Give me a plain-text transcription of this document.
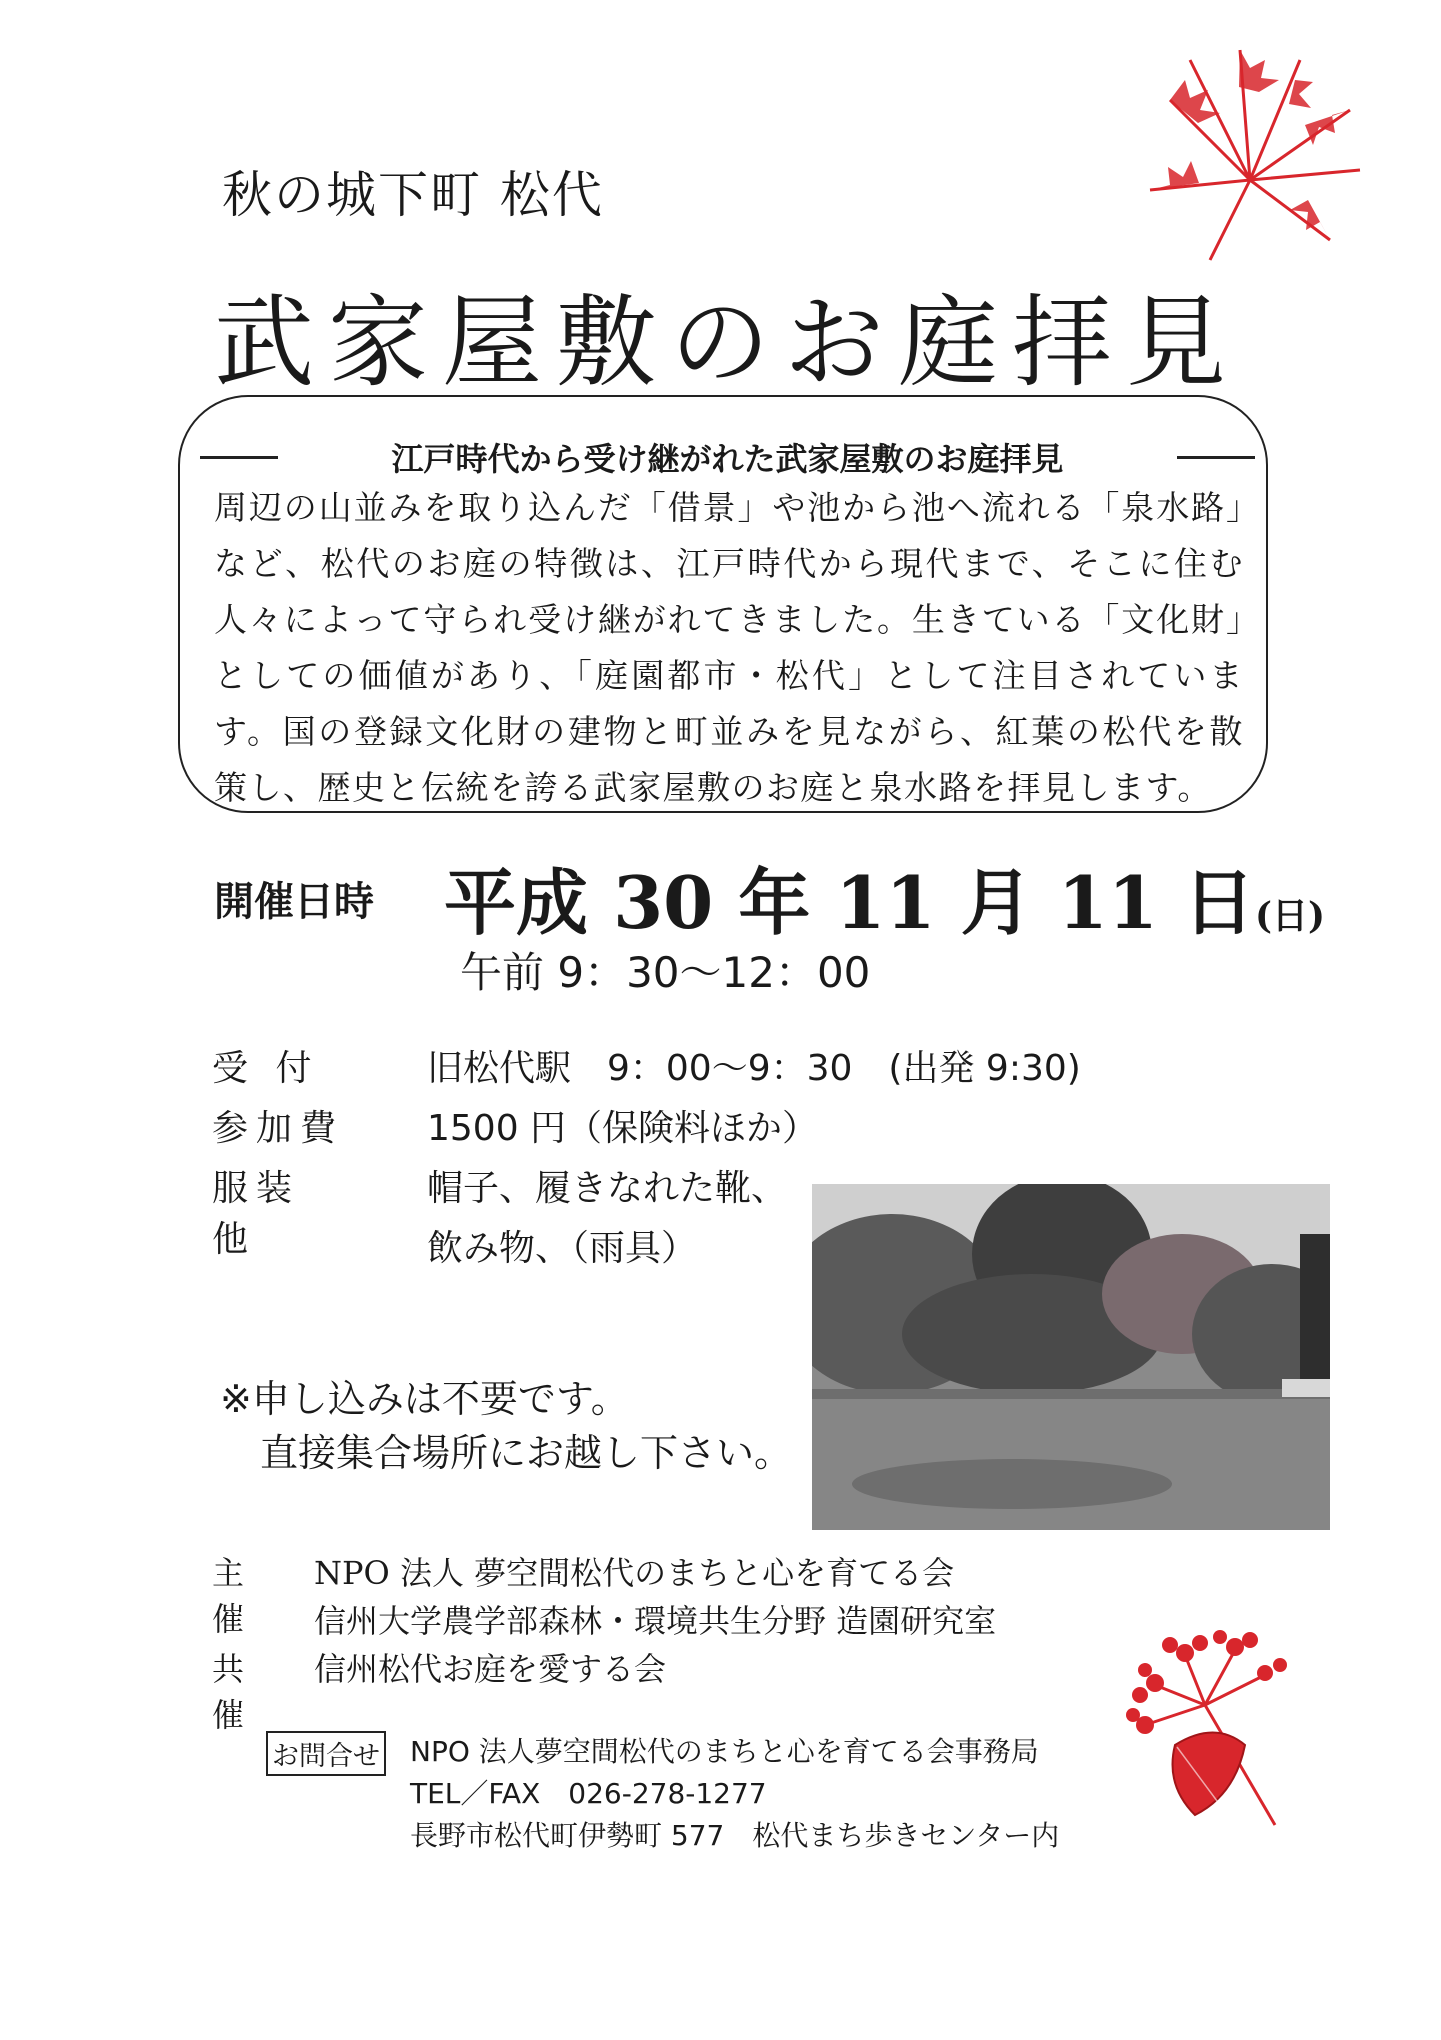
秋の城下町 松代
武家屋敷のお庭拝見
江戸時代から受け継がれた武家屋敷のお庭拝見
周辺の山並みを取り込んだ「借景」や池から池へ流れる「泉水路」など、松代のお庭の特徴は、江戸時代から現代まで、そこに住む人々によって守られ受け継がれてきました。生きている「文化財」としての価値があり、「庭園都市・松代」として注目されています。国の登録文化財の建物と町並みを見ながら、紅葉の松代を散策し、歴史と伝統を誇る武家屋敷のお庭と泉水路を拝見します。
開催日時 平成 30 年 11 月 11 日(日)
午前 9：30〜12：00
受 付	旧松代駅　9：00〜9：30　(出発 9:30)
参加費 1500 円（保険料ほか）
服装 他
帽子、履きなれた靴、
飲み物、（雨具）
※申し込みは不要です。
直接集合場所にお越し下さい。
主催
NPO 法人 夢空間松代のまちと心を育てる会
信州大学農学部森林・環境共生分野 造園研究室
共催
信州松代お庭を愛する会
お問合せ NPO 法人夢空間松代のまちと心を育てる会事務局
TEL／FAX　026-278-1277
長野市松代町伊勢町 577　松代まち歩きセンター内
